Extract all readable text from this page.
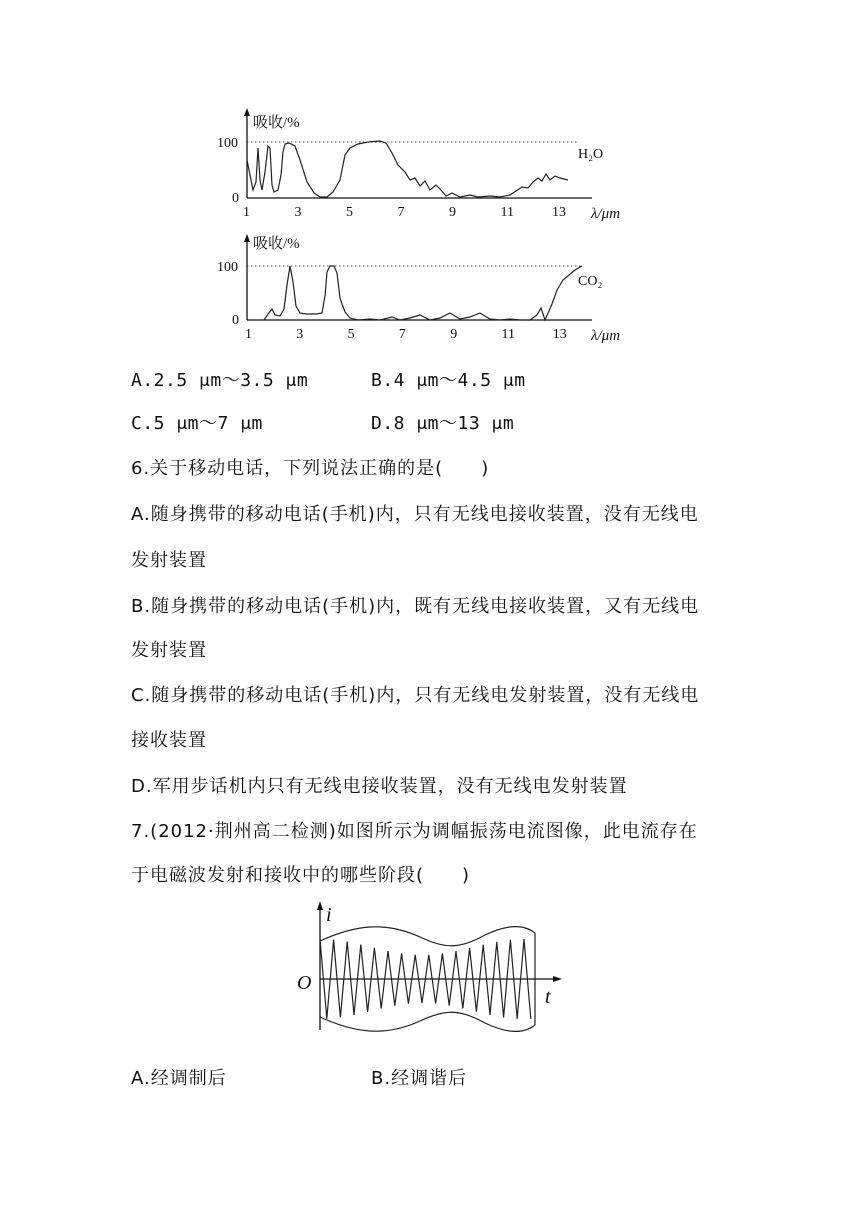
吸收/%
100
0
1	3	5	7	9	11	13 λ/μm
H₂O
吸收/%
100
0
1	3	5	7	9	11	13 λ/μm
CO₂
A.2.5 μm～3.5 μm	B.4 μm～4.5 μm
C.5 μm～7 μm	D.8 μm～13 μm
6.关于移动电话，下列说法正确的是(　　)
A.随身携带的移动电话(手机)内，只有无线电接收装置，没有无线电
发射装置
B.随身携带的移动电话(手机)内，既有无线电接收装置，又有无线电
发射装置
C.随身携带的移动电话(手机)内，只有无线电发射装置，没有无线电
接收装置
D.军用步话机内只有无线电接收装置，没有无线电发射装置
7.(2012·荆州高二检测)如图所示为调幅振荡电流图像，此电流存在
于电磁波发射和接收中的哪些阶段(　　)
i
t
O
A.经调制后	B.经调谐后
